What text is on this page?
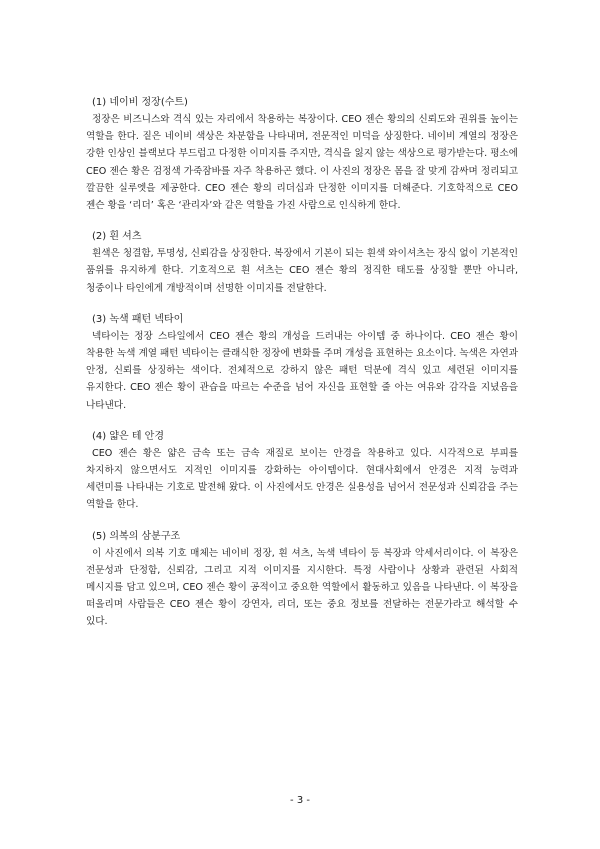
(1) 네이비 정장(수트)

정장은 비즈니스와 격식 있는 자리에서 착용하는 복장이다. CEO 젠슨 황의의 신뢰도와 권위를 높이는 역할을 한다. 짙은 네이비 색상은 차분함을 나타내며, 전문적인 미덕을 상징한다. 네이비 계열의 정장은 강한 인상인 블랙보다 부드럽고 다정한 이미지를 주지만, 격식을 잃지 않는 색상으로 평가받는다. 평소에 CEO 젠슨 황은 검정색 가죽잠바를 자주 착용하곤 했다. 이 사진의 정장은 몸을 잘 맞게 감싸며 정리되고 깔끔한 실루엣을 제공한다. CEO 젠슨 황의 리더십과 단정한 이미지를 더해준다. 기호학적으로 CEO 젠슨 황을 ‘리더’ 혹은 ‘관리자’와 같은 역할을 가진 사람으로 인식하게 한다.

(2) 흰 셔츠

흰색은 청결함, 투명성, 신뢰감을 상징한다. 복장에서 기본이 되는 흰색 와이셔츠는 장식 없이 기본적인 품위를 유지하게 한다. 기호적으로 흰 셔츠는 CEO 젠슨 황의 정직한 태도를 상징할 뿐만 아니라, 청중이나 타인에게 개방적이며 선명한 이미지를 전달한다.

(3) 녹색 패턴 넥타이

넥타이는 정장 스타일에서 CEO 젠슨 황의 개성을 드러내는 아이템 중 하나이다. CEO 젠슨 황이 착용한 녹색 계열 패턴 넥타이는 클래식한 정장에 변화를 주며 개성을 표현하는 요소이다. 녹색은 자연과 안정, 신뢰를 상징하는 색이다. 전체적으로 강하지 않은 패턴 덕분에 격식 있고 세련된 이미지를 유지한다. CEO 젠슨 황이 관습을 따르는 수준을 넘어 자신을 표현할 줄 아는 여유와 감각을 지녔음을 나타낸다.

(4) 얇은 테 안경

CEO 젠슨 황은 얇은 금속 또는 금속 재질로 보이는 안경을 착용하고 있다. 시각적으로 부피를 차지하지 않으면서도 지적인 이미지를 강화하는 아이템이다. 현대사회에서 안경은 지적 능력과 세련미를 나타내는 기호로 발전해 왔다. 이 사진에서도 안경은 실용성을 넘어서 전문성과 신뢰감을 주는 역할을 한다.

(5) 의복의 삼분구조

이 사진에서 의복 기호 매체는 네이비 정장, 흰 셔츠, 녹색 넥타이 등 복장과 악세서리이다. 이 복장은 전문성과 단정함, 신뢰감, 그리고 지적 이미지를 지시한다. 특정 사람이나 상황과 관련된 사회적 메시지를 담고 있으며, CEO 젠슨 황이 공적이고 중요한 역할에서 활동하고 있음을 나타낸다. 이 복장을 떠올리며 사람들은 CEO 젠슨 황이 강연자, 리더, 또는 중요 정보를 전달하는 전문가라고 해석할 수 있다.

- 3 -
